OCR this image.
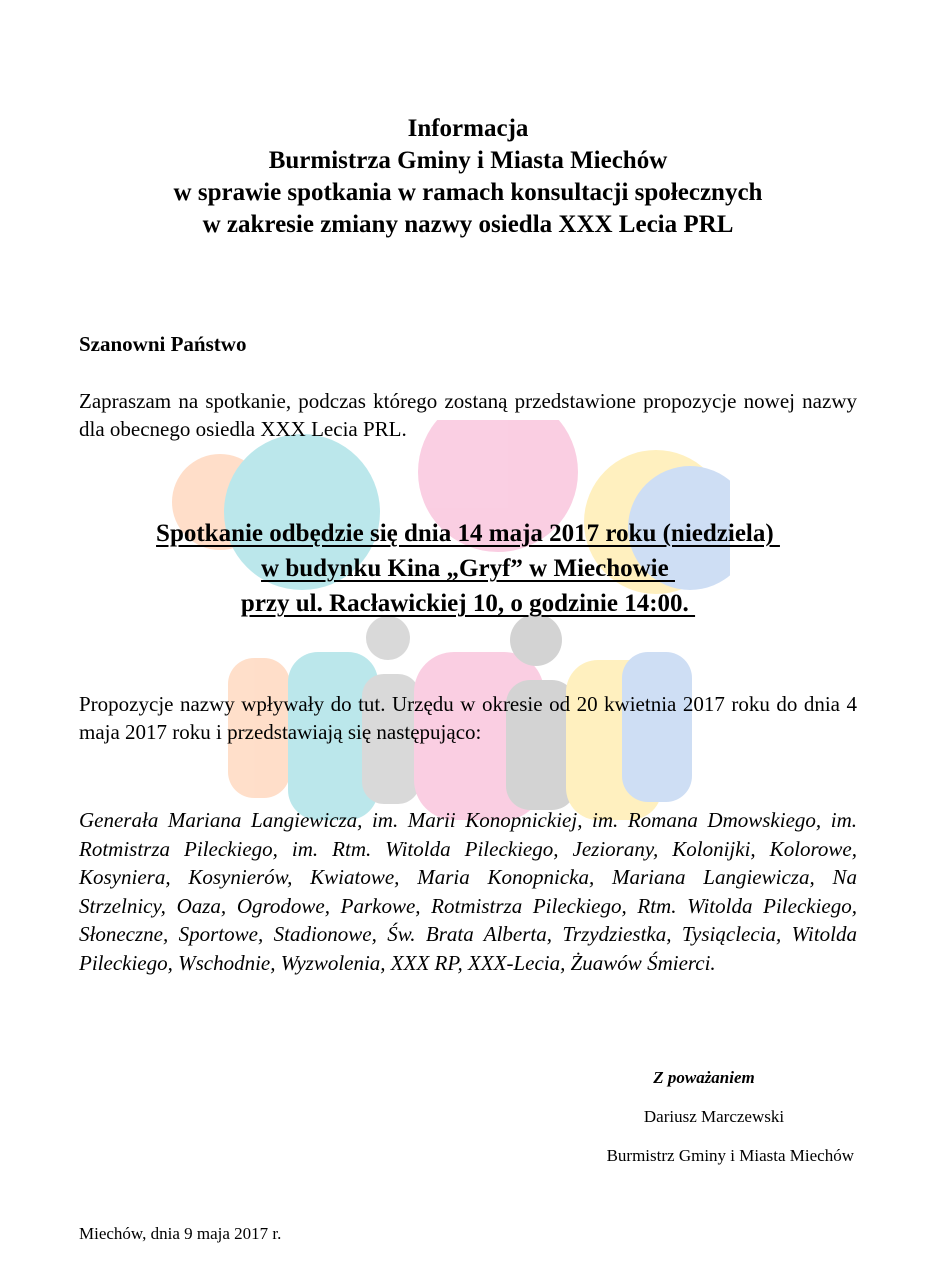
Informacja
Burmistrza Gminy i Miasta Miechów
w sprawie spotkania w ramach konsultacji społecznych
w zakresie zmiany nazwy osiedla XXX Lecia PRL
Szanowni Państwo
Zapraszam na spotkanie, podczas którego zostaną przedstawione propozycje nowej nazwy dla obecnego osiedla XXX Lecia PRL.
Spotkanie odbędzie się dnia 14 maja 2017 roku (niedziela)
w budynku Kina „Gryf” w Miechowie
przy ul. Racławickiej 10, o godzinie 14:00.
Propozycje nazwy wpływały do tut. Urzędu w okresie od 20 kwietnia 2017 roku do dnia 4 maja 2017 roku i przedstawiają się następująco:
Generała Mariana Langiewicza, im. Marii Konopnickiej, im. Romana Dmowskiego, im. Rotmistrza Pileckiego, im. Rtm. Witolda Pileckiego, Jeziorany, Kolonijki, Kolorowe, Kosyniera, Kosynierów, Kwiatowe, Maria Konopnicka, Mariana Langiewicza, Na Strzelnicy, Oaza, Ogrodowe, Parkowe, Rotmistrza Pileckiego, Rtm. Witolda Pileckiego, Słoneczne, Sportowe, Stadionowe, Św. Brata Alberta, Trzydziestka, Tysiąclecia, Witolda Pileckiego, Wschodnie, Wyzwolenia, XXX RP, XXX-Lecia, Żuawów Śmierci.
Z poważaniem
Dariusz Marczewski
Burmistrz Gminy i Miasta Miechów
Miechów, dnia 9 maja 2017 r.
